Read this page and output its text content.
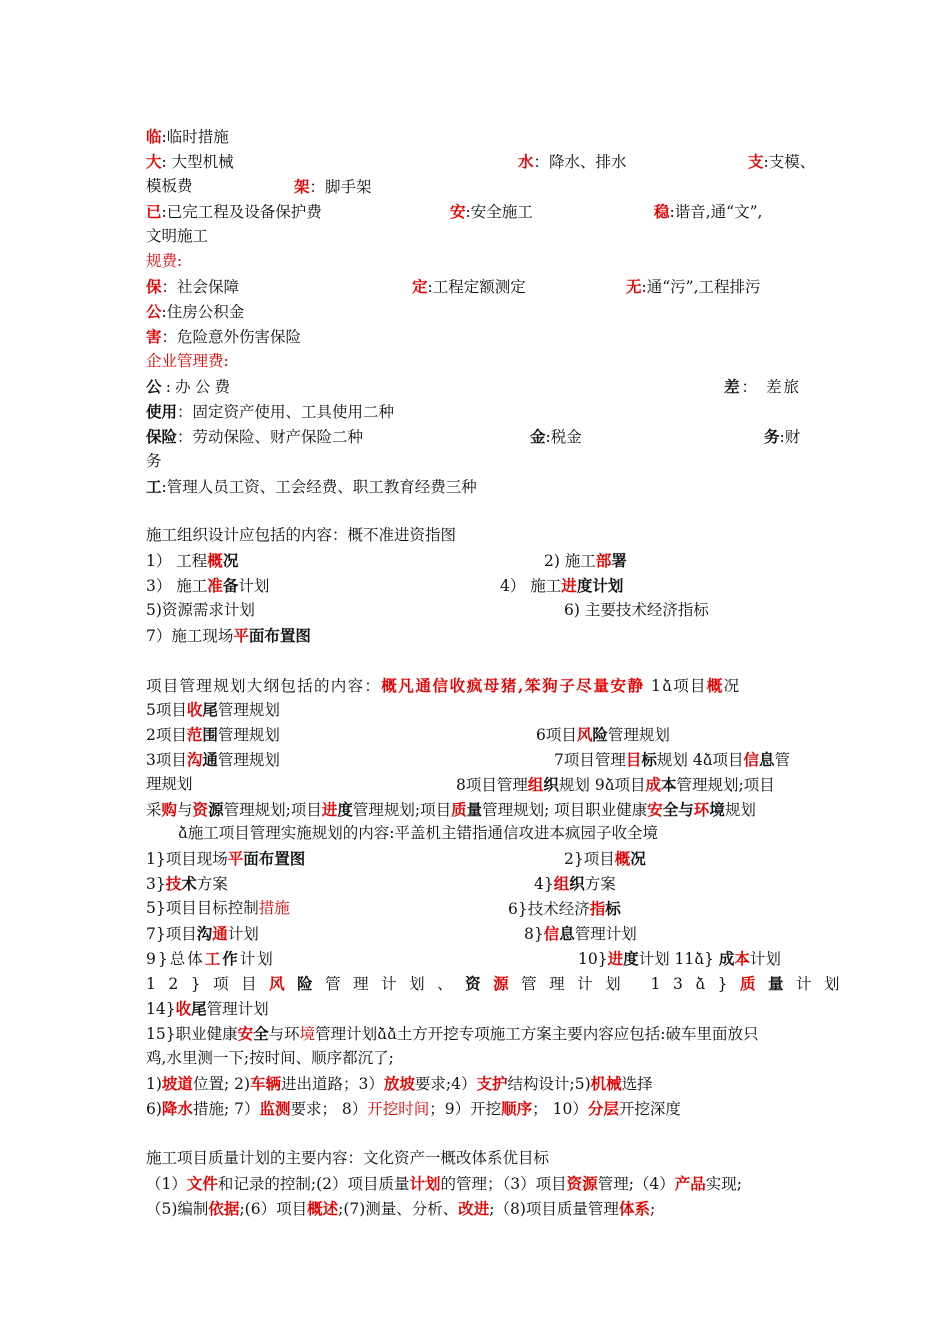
临:临时措施
大: 大型机械	水：降水、排水	支:支模、
模板费	架：脚手架
已:已完工程及设备保护费	安:安全施工	稳:谐音,通“文”,
文明施工
规费:
保：社会保障	定:工程定额测定	无:通“污”,工程排污
公:住房公积金
害：危险意外伤害保险
企业管理费:
公:办公费	差： 差旅
使用：固定资产使用、工具使用二种
保险：劳动保险、财产保险二种	金:税金	务:财
务
工:管理人员工资、工会经费、职工教育经费三种
施工组织设计应包括的内容：概不准进资指图
1） 工程概况	2) 施工部署
3） 施工准备计划	4） 施工进度计划
5)资源需求计划	6) 主要技术经济指标
7）施工现场平面布置图
项目管理规划大纲包括的内容：概凡通信收疯母猪,笨狗子尽量安静 1ձ项目概况
5项目收尾管理规划
2项目范围管理规划	6项目风险管理规划
3项目沟通管理规划	7项目管理目标规划 4ձ项目信息管
理规划	8项目管理组织规划 9ձ项目成本管理规划;项目
采购与资源管理规划;项目进度管理规划;项目质量管理规划; 项目职业健康安全与环境规划
ձ施工项目管理实施规划的内容:平盖机主错指通信攻进本疯园子收全境
1}项目现场平面布置图	2}项目概况
3}技术方案	4}组织方案
5}项目目标控制措施	6}技术经济指标
7}项目沟通计划	8}信息管理计划
9}总体工作计划	10}进度计划 11ձ} 成本计划
12}项目风险管理计划、资源管理计划 13ձ}质量计划
14}收尾管理计划
15}职业健康安全与环境管理计划ձձ土方开挖专项施工方案主要内容应包括:破车里面放只
鸡,水里测一下;按时间、顺序都沉了;
1)坡道位置; 2)车辆进出道路；3）放坡要求;4）支护结构设计;5)机械选择
6)降水措施; 7）监测要求； 8）开挖时间；9）开挖顺序； 10）分层开挖深度
施工项目质量计划的主要内容：文化资产一概改体系优目标
（1）文件和记录的控制;(2）项目质量计划的管理；（3）项目资源管理;（4）产品实现;
（5)编制依据;(6）项目概述;(7)测量、分析、改进;（8)项目质量管理体系;
